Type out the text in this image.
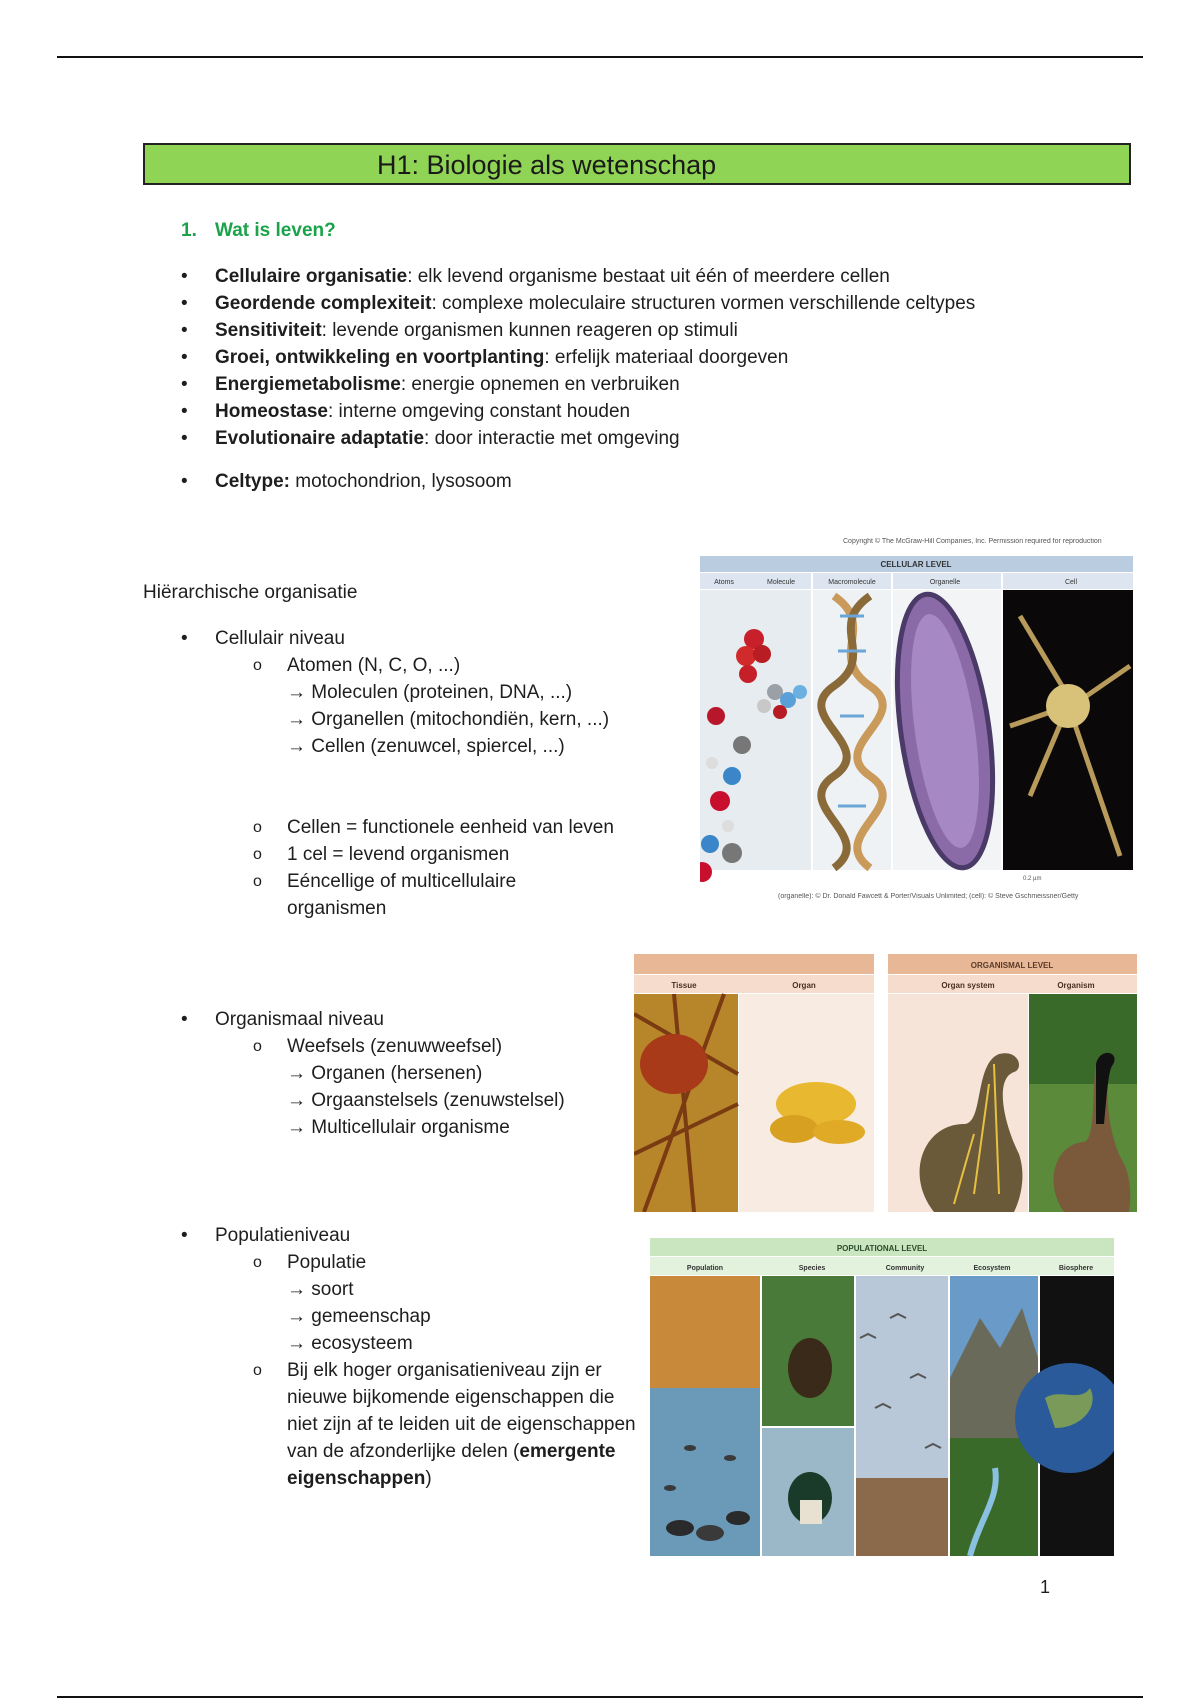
H1: Biologie als wetenschap
1. Wat is leven?
• Cellulaire organisatie: elk levend organisme bestaat uit één of meerdere cellen
• Geordende complexiteit: complexe moleculaire structuren vormen verschillende celtypes
• Sensitiviteit: levende organismen kunnen reageren op stimuli
• Groei, ontwikkeling en voortplanting: erfelijk materiaal doorgeven
• Energiemetabolisme: energie opnemen en verbruiken
• Homeostase: interne omgeving constant houden
• Evolutionaire adaptatie: door interactie met omgeving
• Celtype: motochondrion, lysosoom
Hiërarchische organisatie
• Cellulair niveau
o Atomen (N, C, O, ...)
→ Moleculen (proteinen, DNA, ...)
→ Organellen (mitochondiën, kern, ...)
→ Cellen (zenuwcel, spiercel, ...)
o Cellen = functionele eenheid van leven
o 1 cel = levend organismen
o Eéncellige of multicellulaire organismen
• Organismaal niveau
o Weefsels (zenuwweefsel)
→ Organen (hersenen)
→ Orgaanstelsels (zenuwstelsel)
→ Multicellulair organisme
• Populatieniveau
o Populatie
→ soort
→ gemeenschap
→ ecosysteem
o Bij elk hoger organisatieniveau zijn er nieuwe bijkomende eigenschappen die niet zijn af te leiden uit de eigenschappen van de afzonderlijke delen (emergente eigenschappen)
Copyright © The McGraw-Hill Companies, Inc. Permission required for reproduction
CELLULAR LEVEL
Atoms	Molecule	Macromolecule	Organelle	Cell
0.2 µm
(organelle): © Dr. Donald Fawcett & Porter/Visuals Unlimited; (cell): © Steve Gschmeissner/Getty
ORGANISMAL LEVEL
Tissue	Organ	Organ system	Organism
POPULATIONAL LEVEL
Population	Species	Community	Ecosystem	Biosphere
1
